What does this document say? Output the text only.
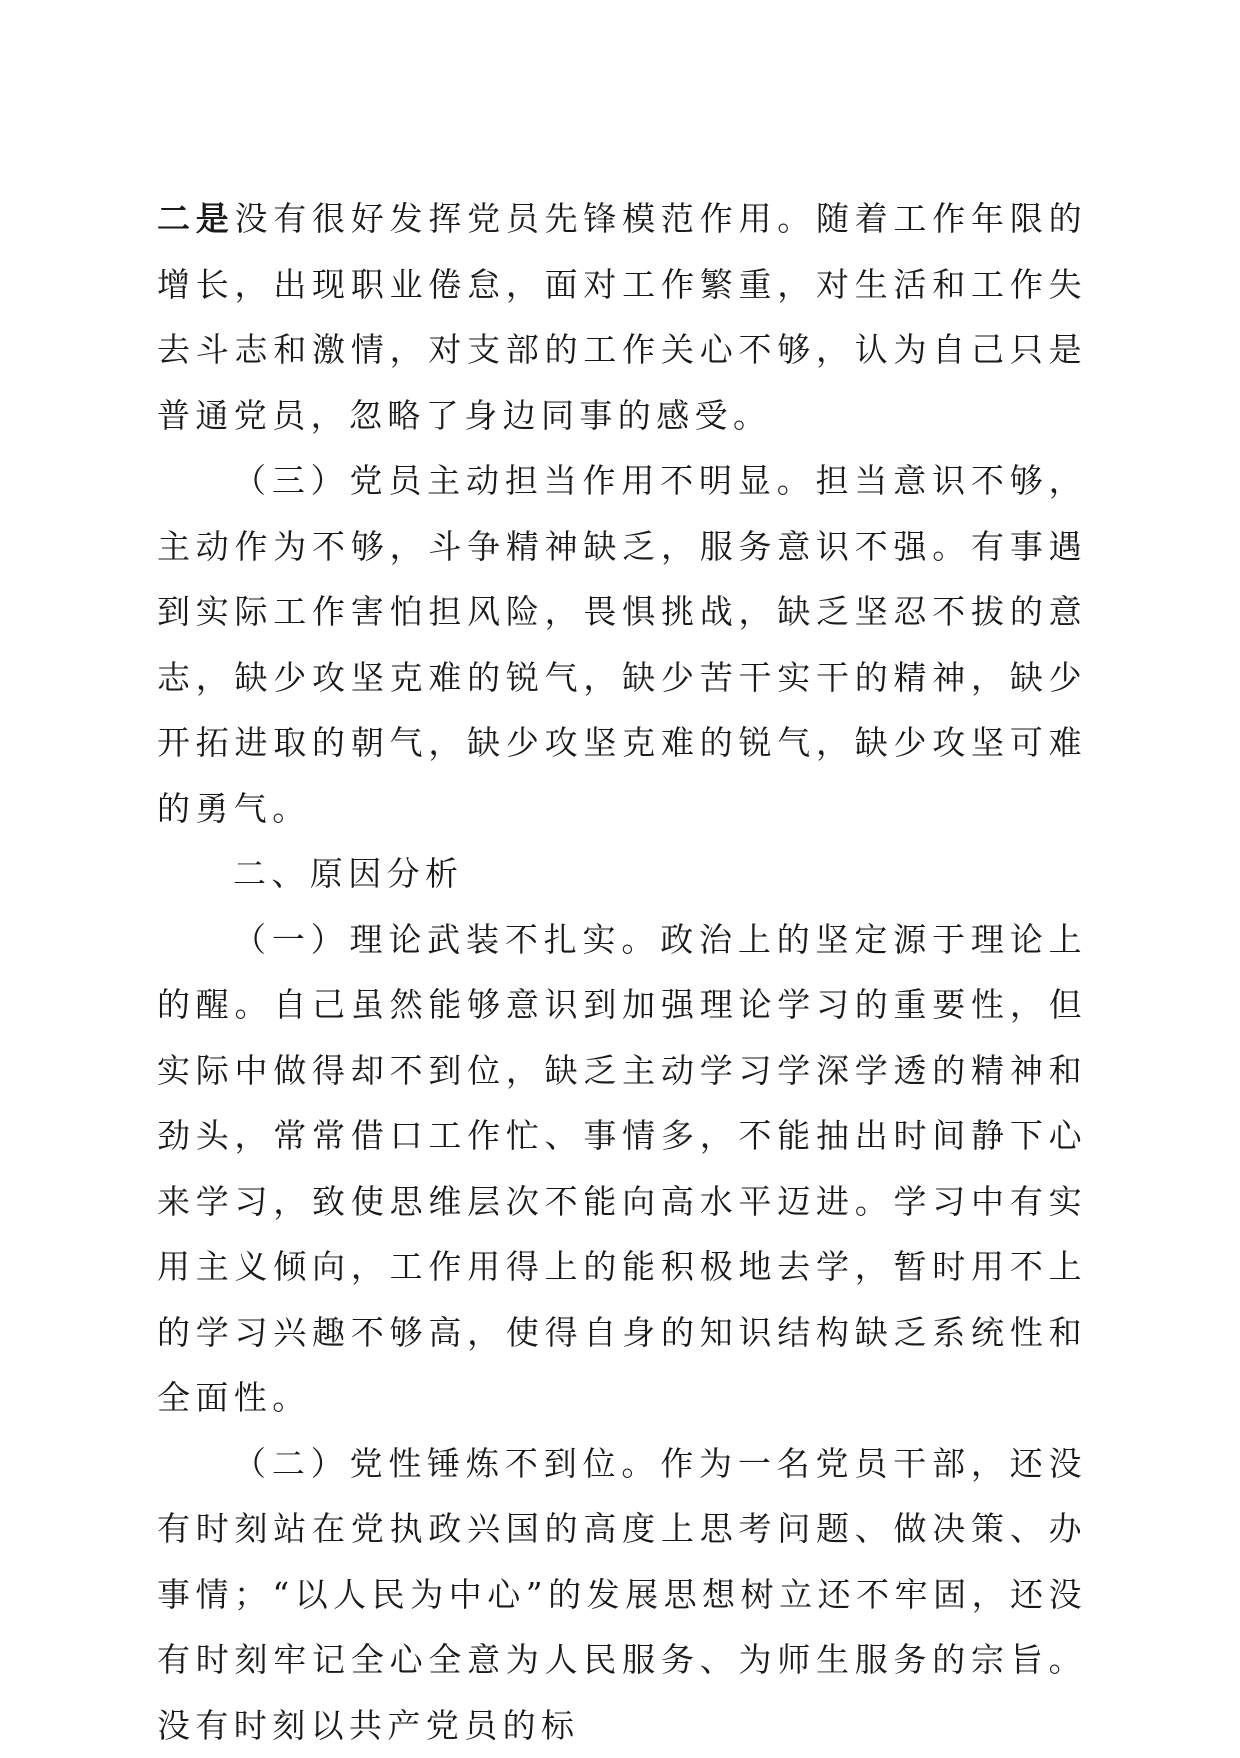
二是没有很好发挥党员先锋模范作用。随着工作年限的增长，出现职业倦怠，面对工作繁重，对生活和工作失去斗志和激情，对支部的工作关心不够，认为自己只是普通党员，忽略了身边同事的感受。

（三）党员主动担当作用不明显。担当意识不够，主动作为不够，斗争精神缺乏，服务意识不强。有事遇到实际工作害怕担风险，畏惧挑战，缺乏坚忍不拔的意志，缺少攻坚克难的锐气，缺少苦干实干的精神，缺少开拓进取的朝气，缺少攻坚克难的锐气，缺少攻坚可难的勇气。

二、原因分析

（一）理论武装不扎实。政治上的坚定源于理论上的醒。自己虽然能够意识到加强理论学习的重要性，但实际中做得却不到位，缺乏主动学习学深学透的精神和劲头，常常借口工作忙、事情多，不能抽出时间静下心来学习，致使思维层次不能向高水平迈进。学习中有实用主义倾向，工作用得上的能积极地去学，暂时用不上的学习兴趣不够高，使得自身的知识结构缺乏系统性和全面性。

（二）党性锤炼不到位。作为一名党员干部，还没有时刻站在党执政兴国的高度上思考问题、做决策、办事情；“以人民为中心”的发展思想树立还不牢固，还没有时刻牢记全心全意为人民服务、为师生服务的宗旨。没有时刻以共产党员的标
